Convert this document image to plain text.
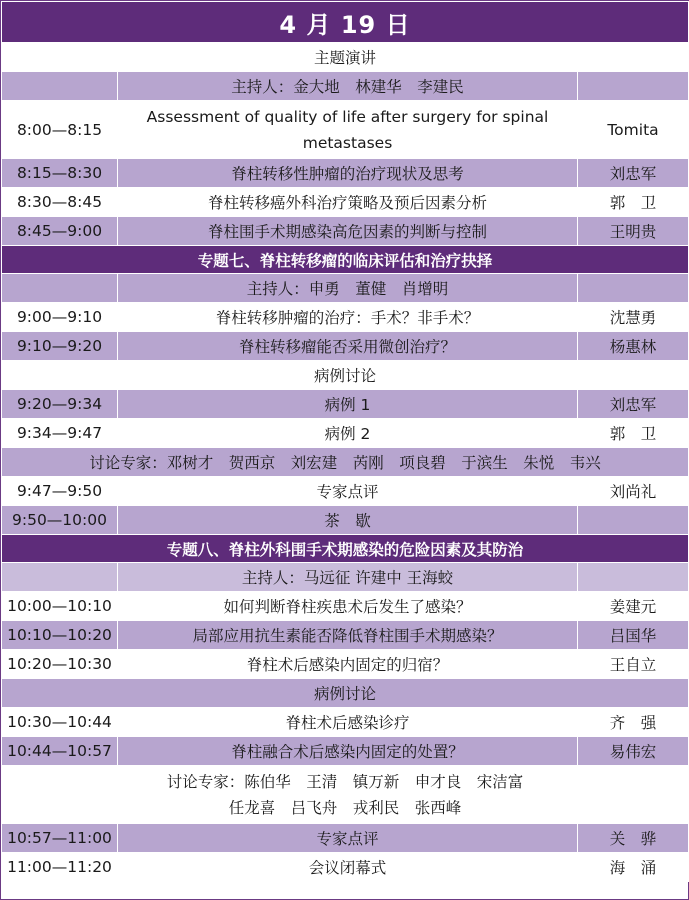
4 月 19 日		
主题演讲		
	主持人：金大地　林建华　李建民	
8:00—8:15	Assessment of quality of life after surgery for spinal metastases	Tomita
8:15—8:30	脊柱转移性肿瘤的治疗现状及思考	刘忠军
8:30—8:45	脊柱转移癌外科治疗策略及预后因素分析	郭　卫
8:45—9:00	脊柱围手术期感染高危因素的判断与控制	王明贵
专题七、脊柱转移瘤的临床评估和治疗抉择		
	主持人：申勇　董健　肖增明	
9:00—9:10	脊柱转移肿瘤的治疗：手术？非手术？	沈慧勇
9:10—9:20	脊柱转移瘤能否采用微创治疗？	杨惠林
病例讨论		
9:20—9:34	病例 1	刘忠军
9:34—9:47	病例 2	郭　卫
讨论专家：邓树才　贺西京　刘宏建　芮刚　项良碧　于滨生　朱悦　韦兴		
9:47—9:50	专家点评	刘尚礼
9:50—10:00	茶　歇	
专题八、脊柱外科围手术期感染的危险因素及其防治		
	主持人：马远征 许建中 王海蛟	
10:00—10:10	如何判断脊柱疾患术后发生了感染？	姜建元
10:10—10:20	局部应用抗生素能否降低脊柱围手术期感染？	吕国华
10:20—10:30	脊柱术后感染内固定的归宿？	王自立
病例讨论		
10:30—10:44	脊柱术后感染诊疗	齐　强
10:44—10:57	脊柱融合术后感染内固定的处置？	易伟宏

讨论专家：陈伯华　王清　镇万新　申才良　宋洁富
任龙喜　吕飞舟　戎利民　张西峰		

10:57—11:00	专家点评	关　骅
11:00—11:20	会议闭幕式	海　涌
